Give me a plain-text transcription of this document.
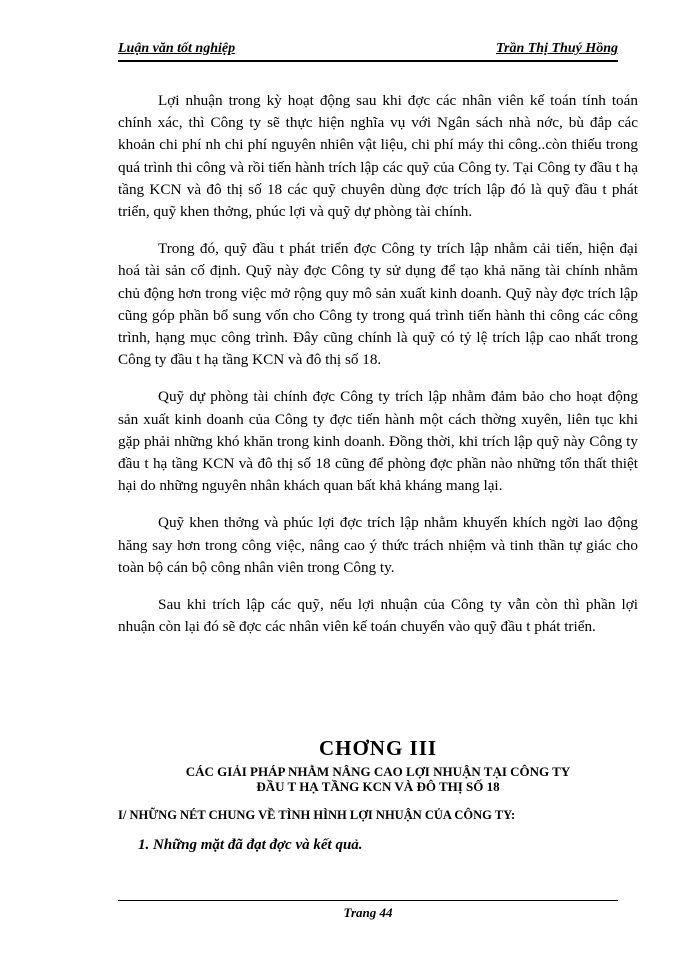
Luận văn tốt nghiệp	Trần Thị Thuý Hồng

Lợi nhuận trong kỳ hoạt động sau khi đợc các nhân viên kế toán tính toán chính xác, thì Công ty sẽ thực hiện nghĩa vụ với Ngân sách nhà nớc, bù đắp các khoản chi phí nh chi phí nguyên nhiên vật liệu, chi phí máy thi công..còn thiếu trong quá trình thi công và rồi tiến hành trích lập các quỹ của Công ty. Tại Công ty đầu t hạ tầng KCN và đô thị số 18 các quỹ chuyên dùng đợc trích lập đó là quỹ đầu t phát triển, quỹ khen thởng, phúc lợi và quỹ dự phòng tài chính.

Trong đó, quỹ đầu t phát triển đợc Công ty trích lập nhằm cải tiến, hiện đại hoá tài sản cố định. Quỹ này đợc Công ty sử dụng để tạo khả năng tài chính nhằm chủ động hơn trong việc mở rộng quy mô sản xuất kinh doanh. Quỹ này đợc trích lập cũng góp phần bổ sung vốn cho Công ty trong quá trình tiến hành thi công các công trình, hạng mục công trình. Đây cũng chính là quỹ có tỷ lệ trích lập cao nhất trong Công ty đầu t hạ tầng KCN và đô thị số 18.

Quỹ dự phòng tài chính đợc Công ty trích lập nhằm đảm bảo cho hoạt động sản xuất kinh doanh của Công ty đợc tiến hành một cách thờng xuyên, liên tục khi gặp phải những khó khăn trong kinh doanh. Đồng thời, khi trích lập quỹ này Công ty đầu t hạ tầng KCN và đô thị số 18 cũng để phòng đợc phần nào những tổn thất thiệt hại do những nguyên nhân khách quan bất khả kháng mang lại.

Quỹ khen thởng và phúc lợi đợc trích lập nhằm khuyến khích ngời lao động hăng say hơn trong công việc, nâng cao ý thức trách nhiệm và tinh thần tự giác cho toàn bộ cán bộ công nhân viên trong Công ty.

Sau khi trích lập các quỹ, nếu lợi nhuận của Công ty vẫn còn thì phần lợi nhuận còn lại đó sẽ đợc các nhân viên kế toán chuyển vào quỹ đầu t phát triển.

CHƠNG III
CÁC GIẢI PHÁP NHẰM NÂNG CAO LỢI NHUẬN TẠI CÔNG TY
ĐẦU T HẠ TẦNG KCN VÀ ĐÔ THỊ SỐ 18
I/ NHỮNG NÉT CHUNG VỀ TÌNH HÌNH LỢI NHUẬN CỦA CÔNG TY:
1. Những mặt đã đạt đợc và kết quả.
Trang 44
